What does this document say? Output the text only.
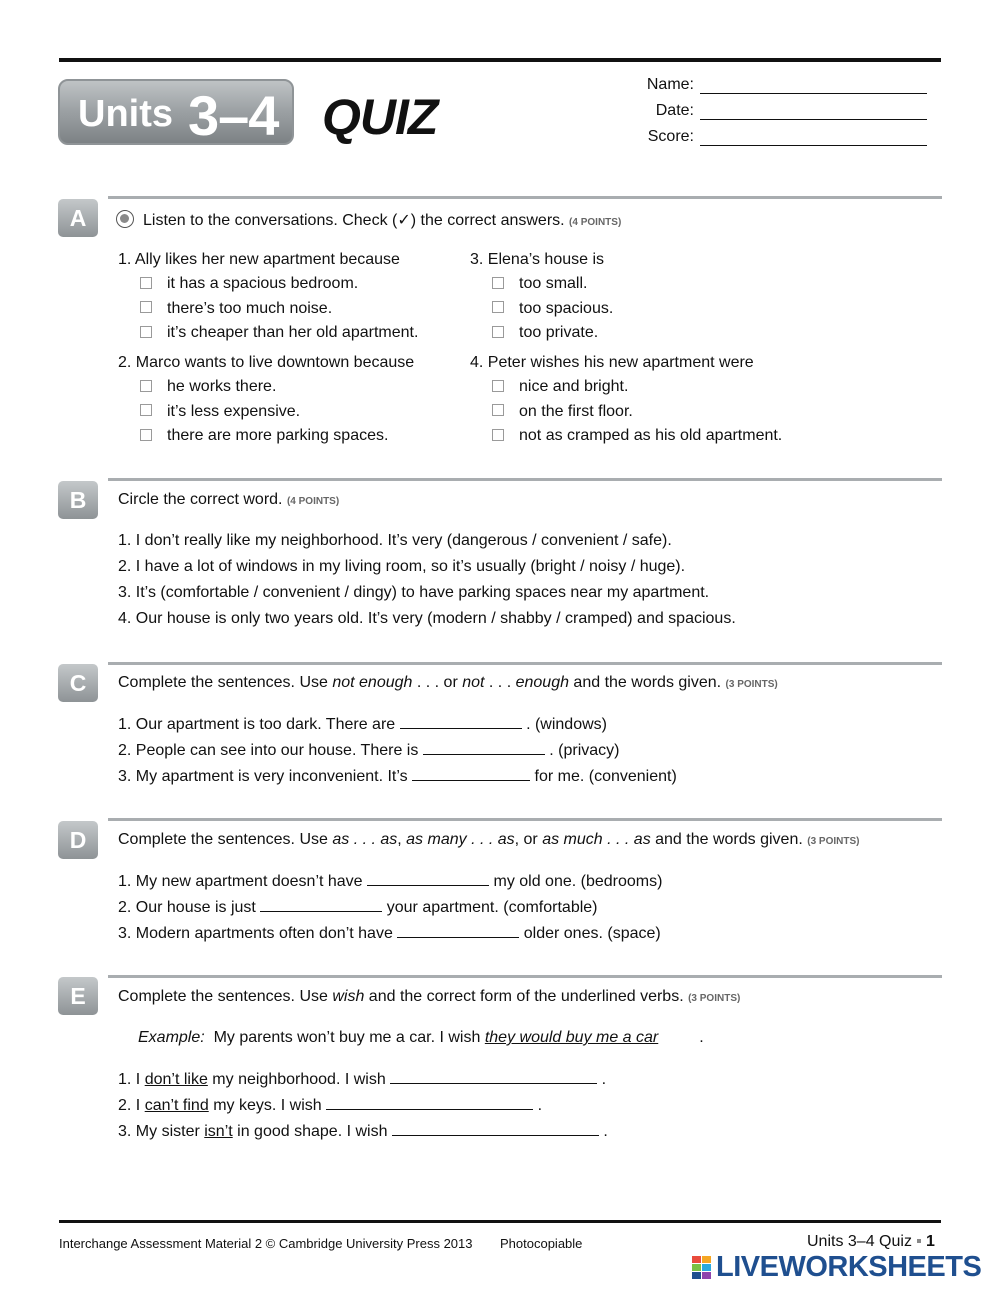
Units 3–4 QUIZ
Name:
Date:
Score:
A	Listen to the conversations. Check (✓) the correct answers. (4 POINTS)
1. Ally likes her new apartment because
it has a spacious bedroom.
there’s too much noise.
it’s cheaper than her old apartment.
2. Marco wants to live downtown because
he works there.
it’s less expensive.
there are more parking spaces.
3. Elena’s house is
too small.
too spacious.
too private.
4. Peter wishes his new apartment were
nice and bright.
on the first floor.
not as cramped as his old apartment.
B	Circle the correct word. (4 POINTS)
1. I don’t really like my neighborhood. It’s very (dangerous / convenient / safe).
2. I have a lot of windows in my living room, so it’s usually (bright / noisy / huge).
3. It’s (comfortable / convenient / dingy) to have parking spaces near my apartment.
4. Our house is only two years old. It’s very (modern / shabby / cramped) and spacious.
C	Complete the sentences. Use not enough . . . or not . . . enough and the words given. (3 POINTS)
1. Our apartment is too dark. There are	. (windows)
2. People can see into our house. There is	. (privacy)
3. My apartment is very inconvenient. It’s	for me. (convenient)
D	Complete the sentences. Use as . . . as, as many . . . as, or as much . . . as and the words given. (3 POINTS)
1. My new apartment doesn’t have	my old one. (bedrooms)
2. Our house is just	your apartment. (comfortable)
3. Modern apartments often don’t have	older ones. (space)
E	Complete the sentences. Use wish and the correct form of the underlined verbs. (3 POINTS)
Example: My parents won’t buy me a car. I wish they would buy me a car	.
1. I don’t like my neighborhood. I wish	.
2. I can’t find my keys. I wish	.
3. My sister isn’t in good shape. I wish	.
Interchange Assessment Material 2 © Cambridge University Press 2013 Photocopiable	Units 3–4 Quiz 1
LIVEWORKSHEETS
